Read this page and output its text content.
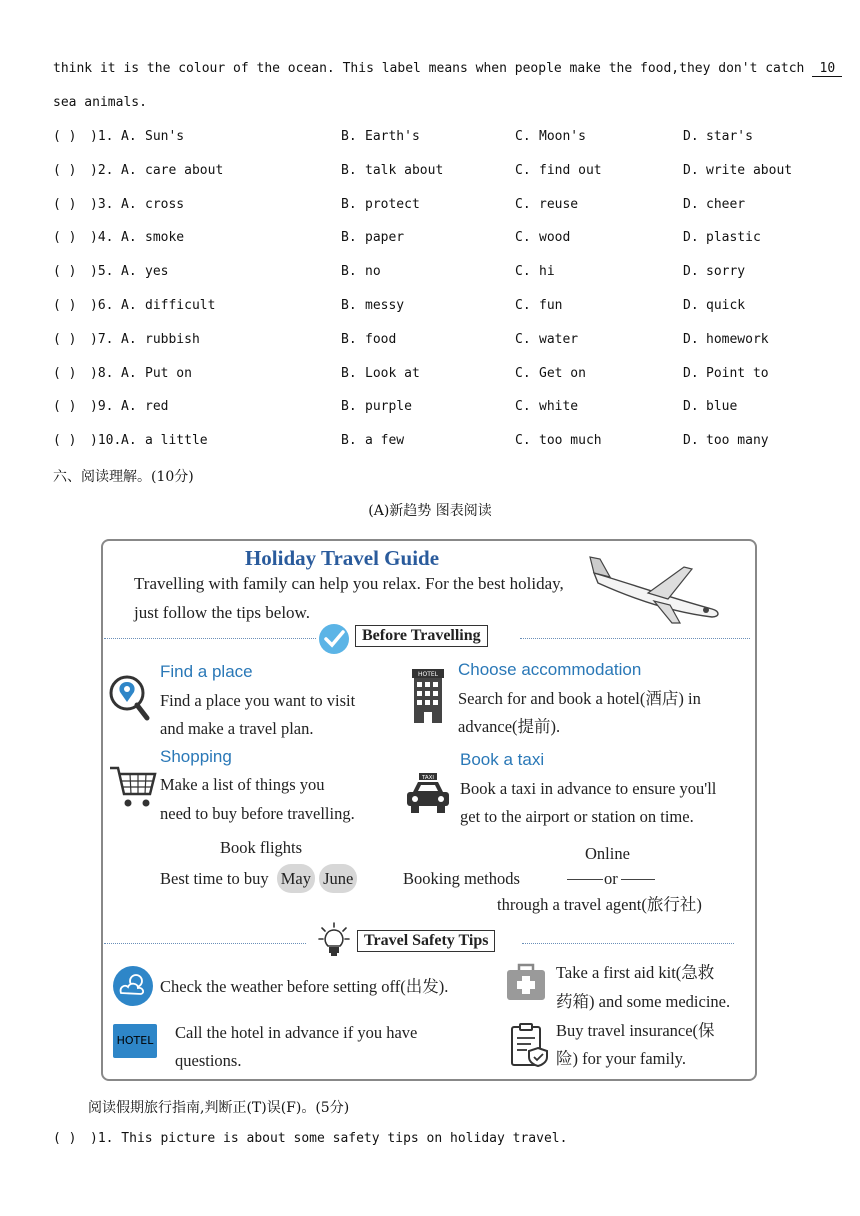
think it is the colour of the ocean. This label means when people make the food,they don't catch 10
sea animals.
( ) )1. A. Sun's	B. Earth's	C. Moon's	D. star's
( ) )2. A. care about	B. talk about	C. find out	D. write about
( ) )3. A. cross	B. protect	C. reuse	D. cheer
( ) )4. A. smoke	B. paper	C. wood	D. plastic
( ) )5. A. yes	B. no	C. hi	D. sorry
( ) )6. A. difficult	B. messy	C. fun	D. quick
( ) )7. A. rubbish	B. food	C. water	D. homework
( ) )8. A. Put on	B. Look at	C. Get on	D. Point to
( ) )9. A. red	B. purple	C. white	D. blue
( ) )10. A. a little	B. a few	C. too much	D. too many
六、阅读理解。(10分)
(A)新趋势 图表阅读
Holiday Travel Guide
Travelling with family can help you relax. For the best holiday,
just follow the tips below.
Before Travelling
Find a place
Find a place you want to visit
and make a travel plan.
Shopping
Make a list of things you
need to buy before travelling.
HOTEL Choose accommodation
Search for and book a hotel(酒店) in
advance(提前).
TAXI
Book a taxi
Book a taxi in advance to ensure you'll
get to the airport or station on time.
Book flights
Best time to buy May June
Online
Booking methods	or
through a travel agent(旅行社)
Travel Safety Tips
Check the weather before setting off(出发).
Take a first aid kit(急救
药箱) and some medicine.
HOTEL Call the hotel in advance if you have
questions.
Buy travel insurance(保
险) for your family.
阅读假期旅行指南,判断正(T)误(F)。(5分)
( ) )1. This picture is about some safety tips on holiday travel.
